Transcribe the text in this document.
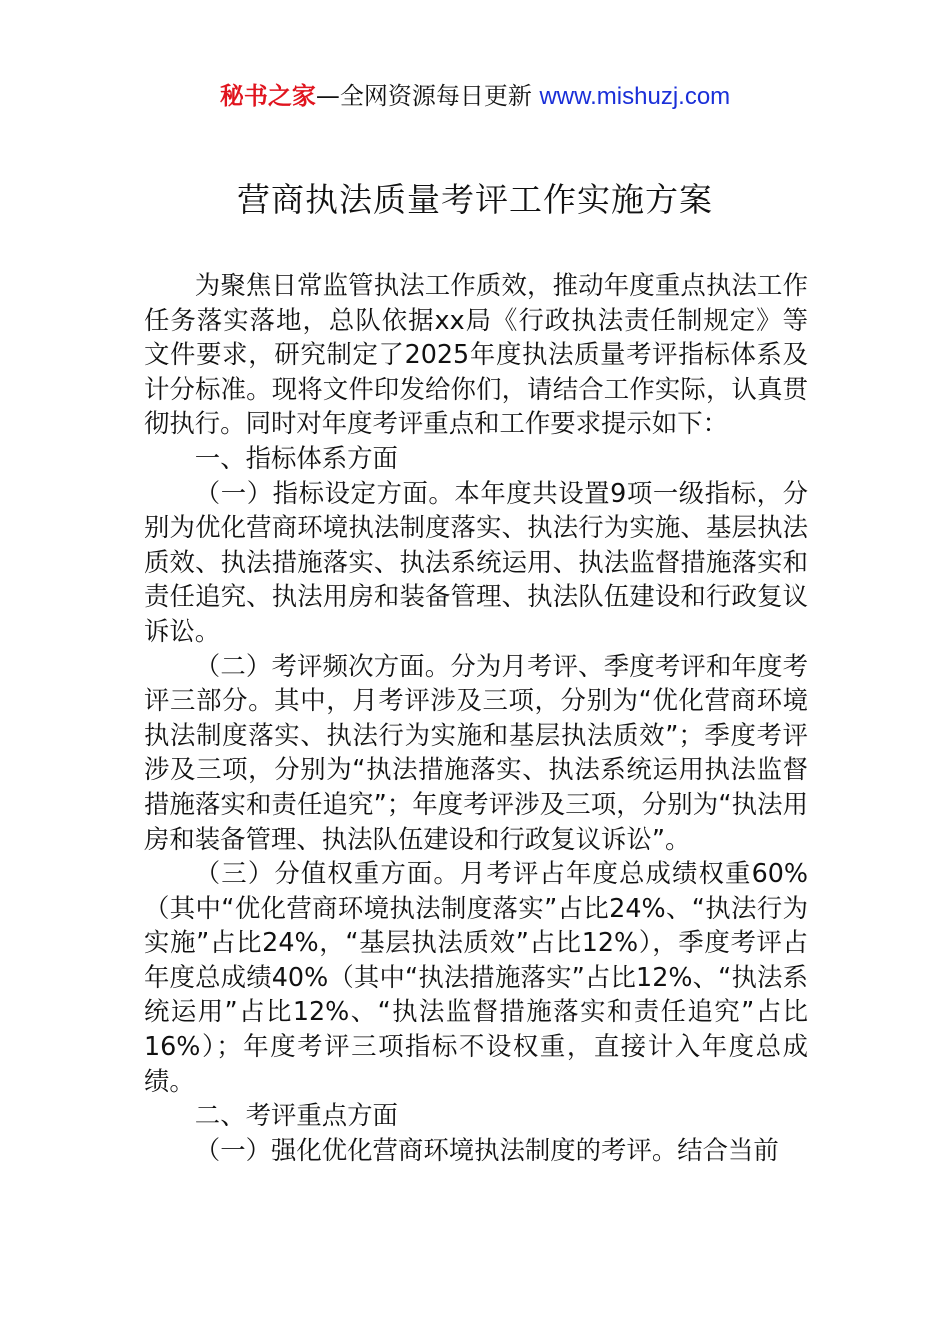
秘书之家—全网资源每日更新 www.mishuzj.com
营商执法质量考评工作实施方案

为聚焦日常监管执法工作质效，推动年度重点执法工作任务落实落地，总队依据xx局《行政执法责任制规定》等文件要求，研究制定了2025年度执法质量考评指标体系及计分标准。现将文件印发给你们，请结合工作实际，认真贯彻执行。同时对年度考评重点和工作要求提示如下：

一、指标体系方面

（一）指标设定方面。本年度共设置9项一级指标，分别为优化营商环境执法制度落实、执法行为实施、基层执法质效、执法措施落实、执法系统运用、执法监督措施落实和责任追究、执法用房和装备管理、执法队伍建设和行政复议诉讼。

（二）考评频次方面。分为月考评、季度考评和年度考评三部分。其中，月考评涉及三项，分别为“优化营商环境执法制度落实、执法行为实施和基层执法质效”；季度考评涉及三项，分别为“执法措施落实、执法系统运用执法监督措施落实和责任追究”；年度考评涉及三项，分别为“执法用房和装备管理、执法队伍建设和行政复议诉讼”。

（三）分值权重方面。月考评占年度总成绩权重60%（其中“优化营商环境执法制度落实”占比24%、“执法行为实施”占比24%，“基层执法质效”占比12%），季度考评占年度总成绩40%（其中“执法措施落实”占比12%、“执法系统运用”占比12%、“执法监督措施落实和责任追究”占比16%）；年度考评三项指标不设权重，直接计入年度总成绩。

二、考评重点方面

（一）强化优化营商环境执法制度的考评。结合当前
